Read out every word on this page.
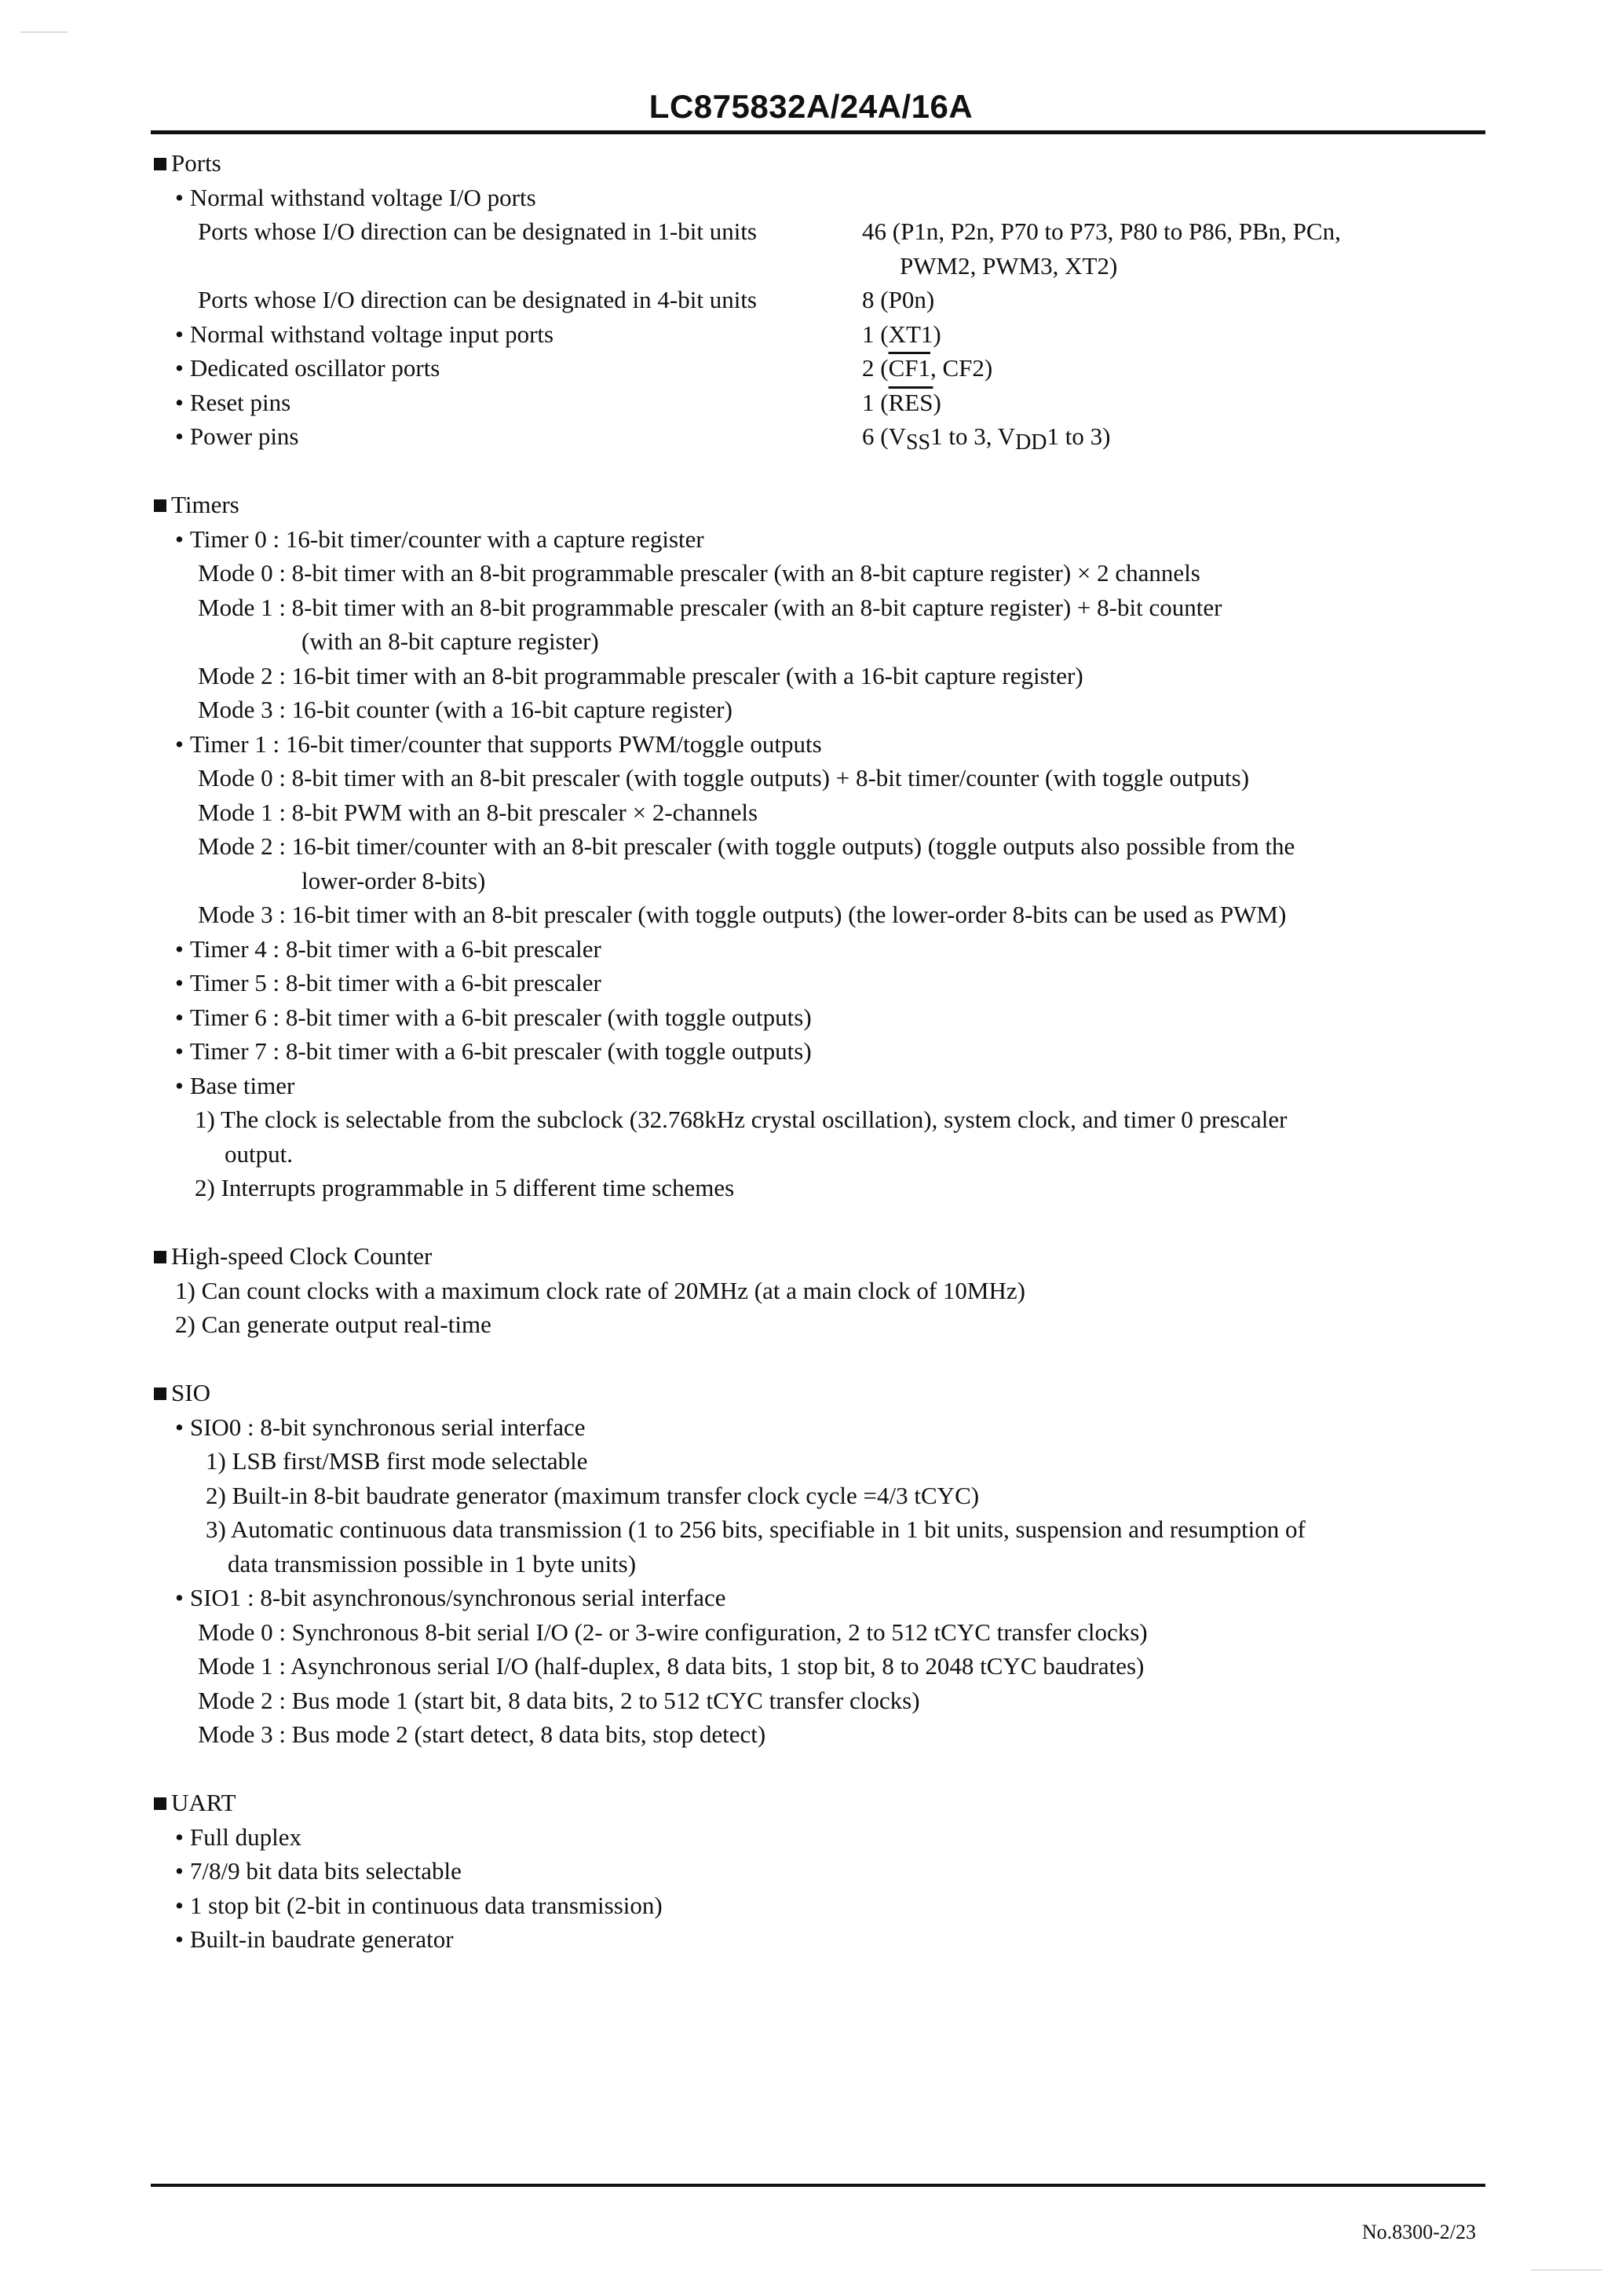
LC875832A/24A/16A
Ports
• Normal withstand voltage I/O ports
Ports whose I/O direction can be designated in 1-bit units	46 (P1n, P2n, P70 to P73, P80 to P86, PBn, PCn,
PWM2, PWM3, XT2)
Ports whose I/O direction can be designated in 4-bit units	8 (P0n)
• Normal withstand voltage input ports	1 (XT1)
• Dedicated oscillator ports	2 (CF1, CF2)
• Reset pins	1 $(\overline{RES})$
• Power pins	6 (VSS1 to 3, VDD1 to 3)
Timers
• Timer 0 : 16-bit timer/counter with a capture register
Mode 0 : 8-bit timer with an 8-bit programmable prescaler (with an 8-bit capture register) × 2 channels
Mode 1 : 8-bit timer with an 8-bit programmable prescaler (with an 8-bit capture register) + 8-bit counter
(with an 8-bit capture register)
Mode 2 : 16-bit timer with an 8-bit programmable prescaler (with a 16-bit capture register)
Mode 3 : 16-bit counter (with a 16-bit capture register)
• Timer 1 : 16-bit timer/counter that supports PWM/toggle outputs
Mode 0 : 8-bit timer with an 8-bit prescaler (with toggle outputs) + 8-bit timer/counter (with toggle outputs)
Mode 1 : 8-bit PWM with an 8-bit prescaler × 2-channels
Mode 2 : 16-bit timer/counter with an 8-bit prescaler (with toggle outputs) (toggle outputs also possible from the
lower-order 8-bits)
Mode 3 : 16-bit timer with an 8-bit prescaler (with toggle outputs) (the lower-order 8-bits can be used as PWM)
• Timer 4 : 8-bit timer with a 6-bit prescaler
• Timer 5 : 8-bit timer with a 6-bit prescaler
• Timer 6 : 8-bit timer with a 6-bit prescaler (with toggle outputs)
• Timer 7 : 8-bit timer with a 6-bit prescaler (with toggle outputs)
• Base timer
1) The clock is selectable from the subclock (32.768kHz crystal oscillation), system clock, and timer 0 prescaler
output.
2) Interrupts programmable in 5 different time schemes
High-speed Clock Counter
1) Can count clocks with a maximum clock rate of 20MHz (at a main clock of 10MHz)
2) Can generate output real-time
SIO
• SIO0 : 8-bit synchronous serial interface
1) LSB first/MSB first mode selectable
2) Built-in 8-bit baudrate generator (maximum transfer clock cycle =4/3 tCYC)
3) Automatic continuous data transmission (1 to 256 bits, specifiable in 1 bit units, suspension and resumption of
data transmission possible in 1 byte units)
• SIO1 : 8-bit asynchronous/synchronous serial interface
Mode 0 : Synchronous 8-bit serial I/O (2- or 3-wire configuration, 2 to 512 tCYC transfer clocks)
Mode 1 : Asynchronous serial I/O (half-duplex, 8 data bits, 1 stop bit, 8 to 2048 tCYC baudrates)
Mode 2 : Bus mode 1 (start bit, 8 data bits, 2 to 512 tCYC transfer clocks)
Mode 3 : Bus mode 2 (start detect, 8 data bits, stop detect)
UART
• Full duplex
• 7/8/9 bit data bits selectable
• 1 stop bit (2-bit in continuous data transmission)
• Built-in baudrate generator
No.8300-2/23
